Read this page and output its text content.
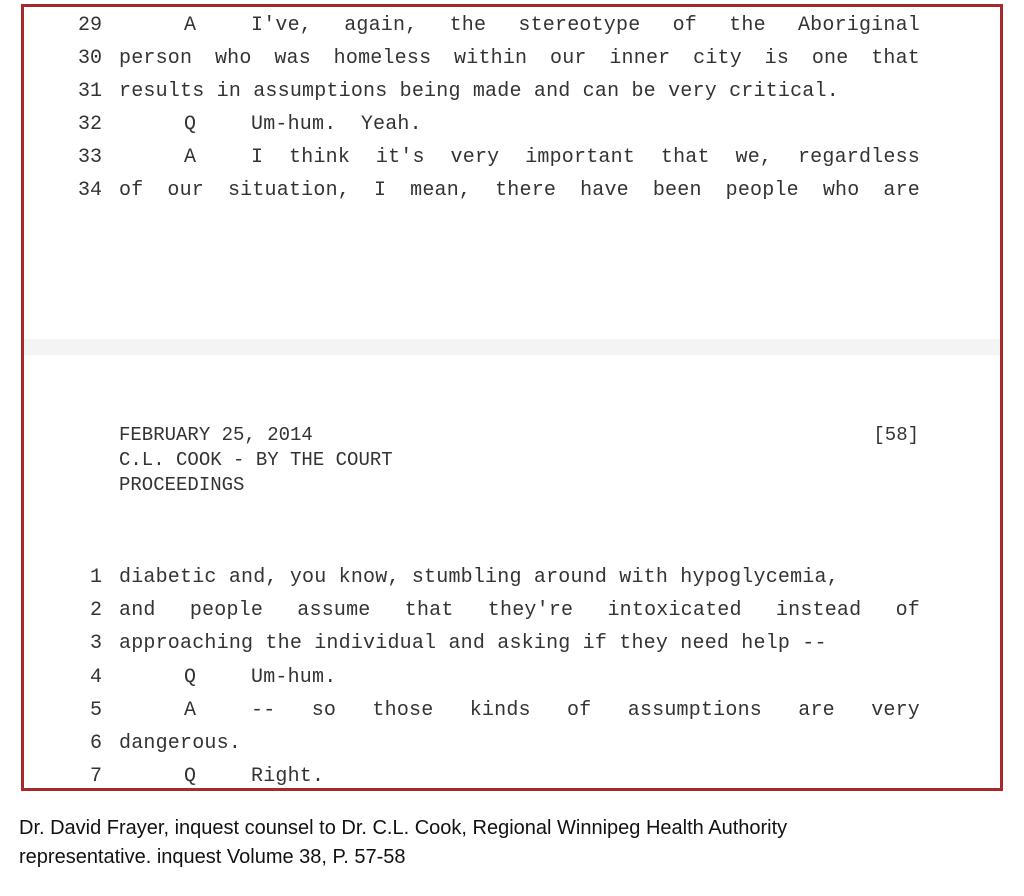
29	A	I've, again, the stereotype of the Aboriginal
30 person who was homeless within our inner city is one that
31 results in assumptions being made and can be very critical.
32	Q	Um-hum.  Yeah.
33	A	I think it's very important that we, regardless
34 of our situation, I mean, there have been people who are
FEBRUARY 25, 2014	[58]
C.L. COOK - BY THE COURT
PROCEEDINGS
1 diabetic and, you know, stumbling around with hypoglycemia,
2 and people assume that they're intoxicated instead of
3 approaching the individual and asking if they need help --
4	Q	Um-hum.
5	A	-- so those kinds of assumptions are very
6 dangerous.
7	Q	Right.
Dr. David Frayer, inquest counsel to Dr. C.L. Cook, Regional Winnipeg Health Authority
representative. inquest Volume 38, P. 57-58
